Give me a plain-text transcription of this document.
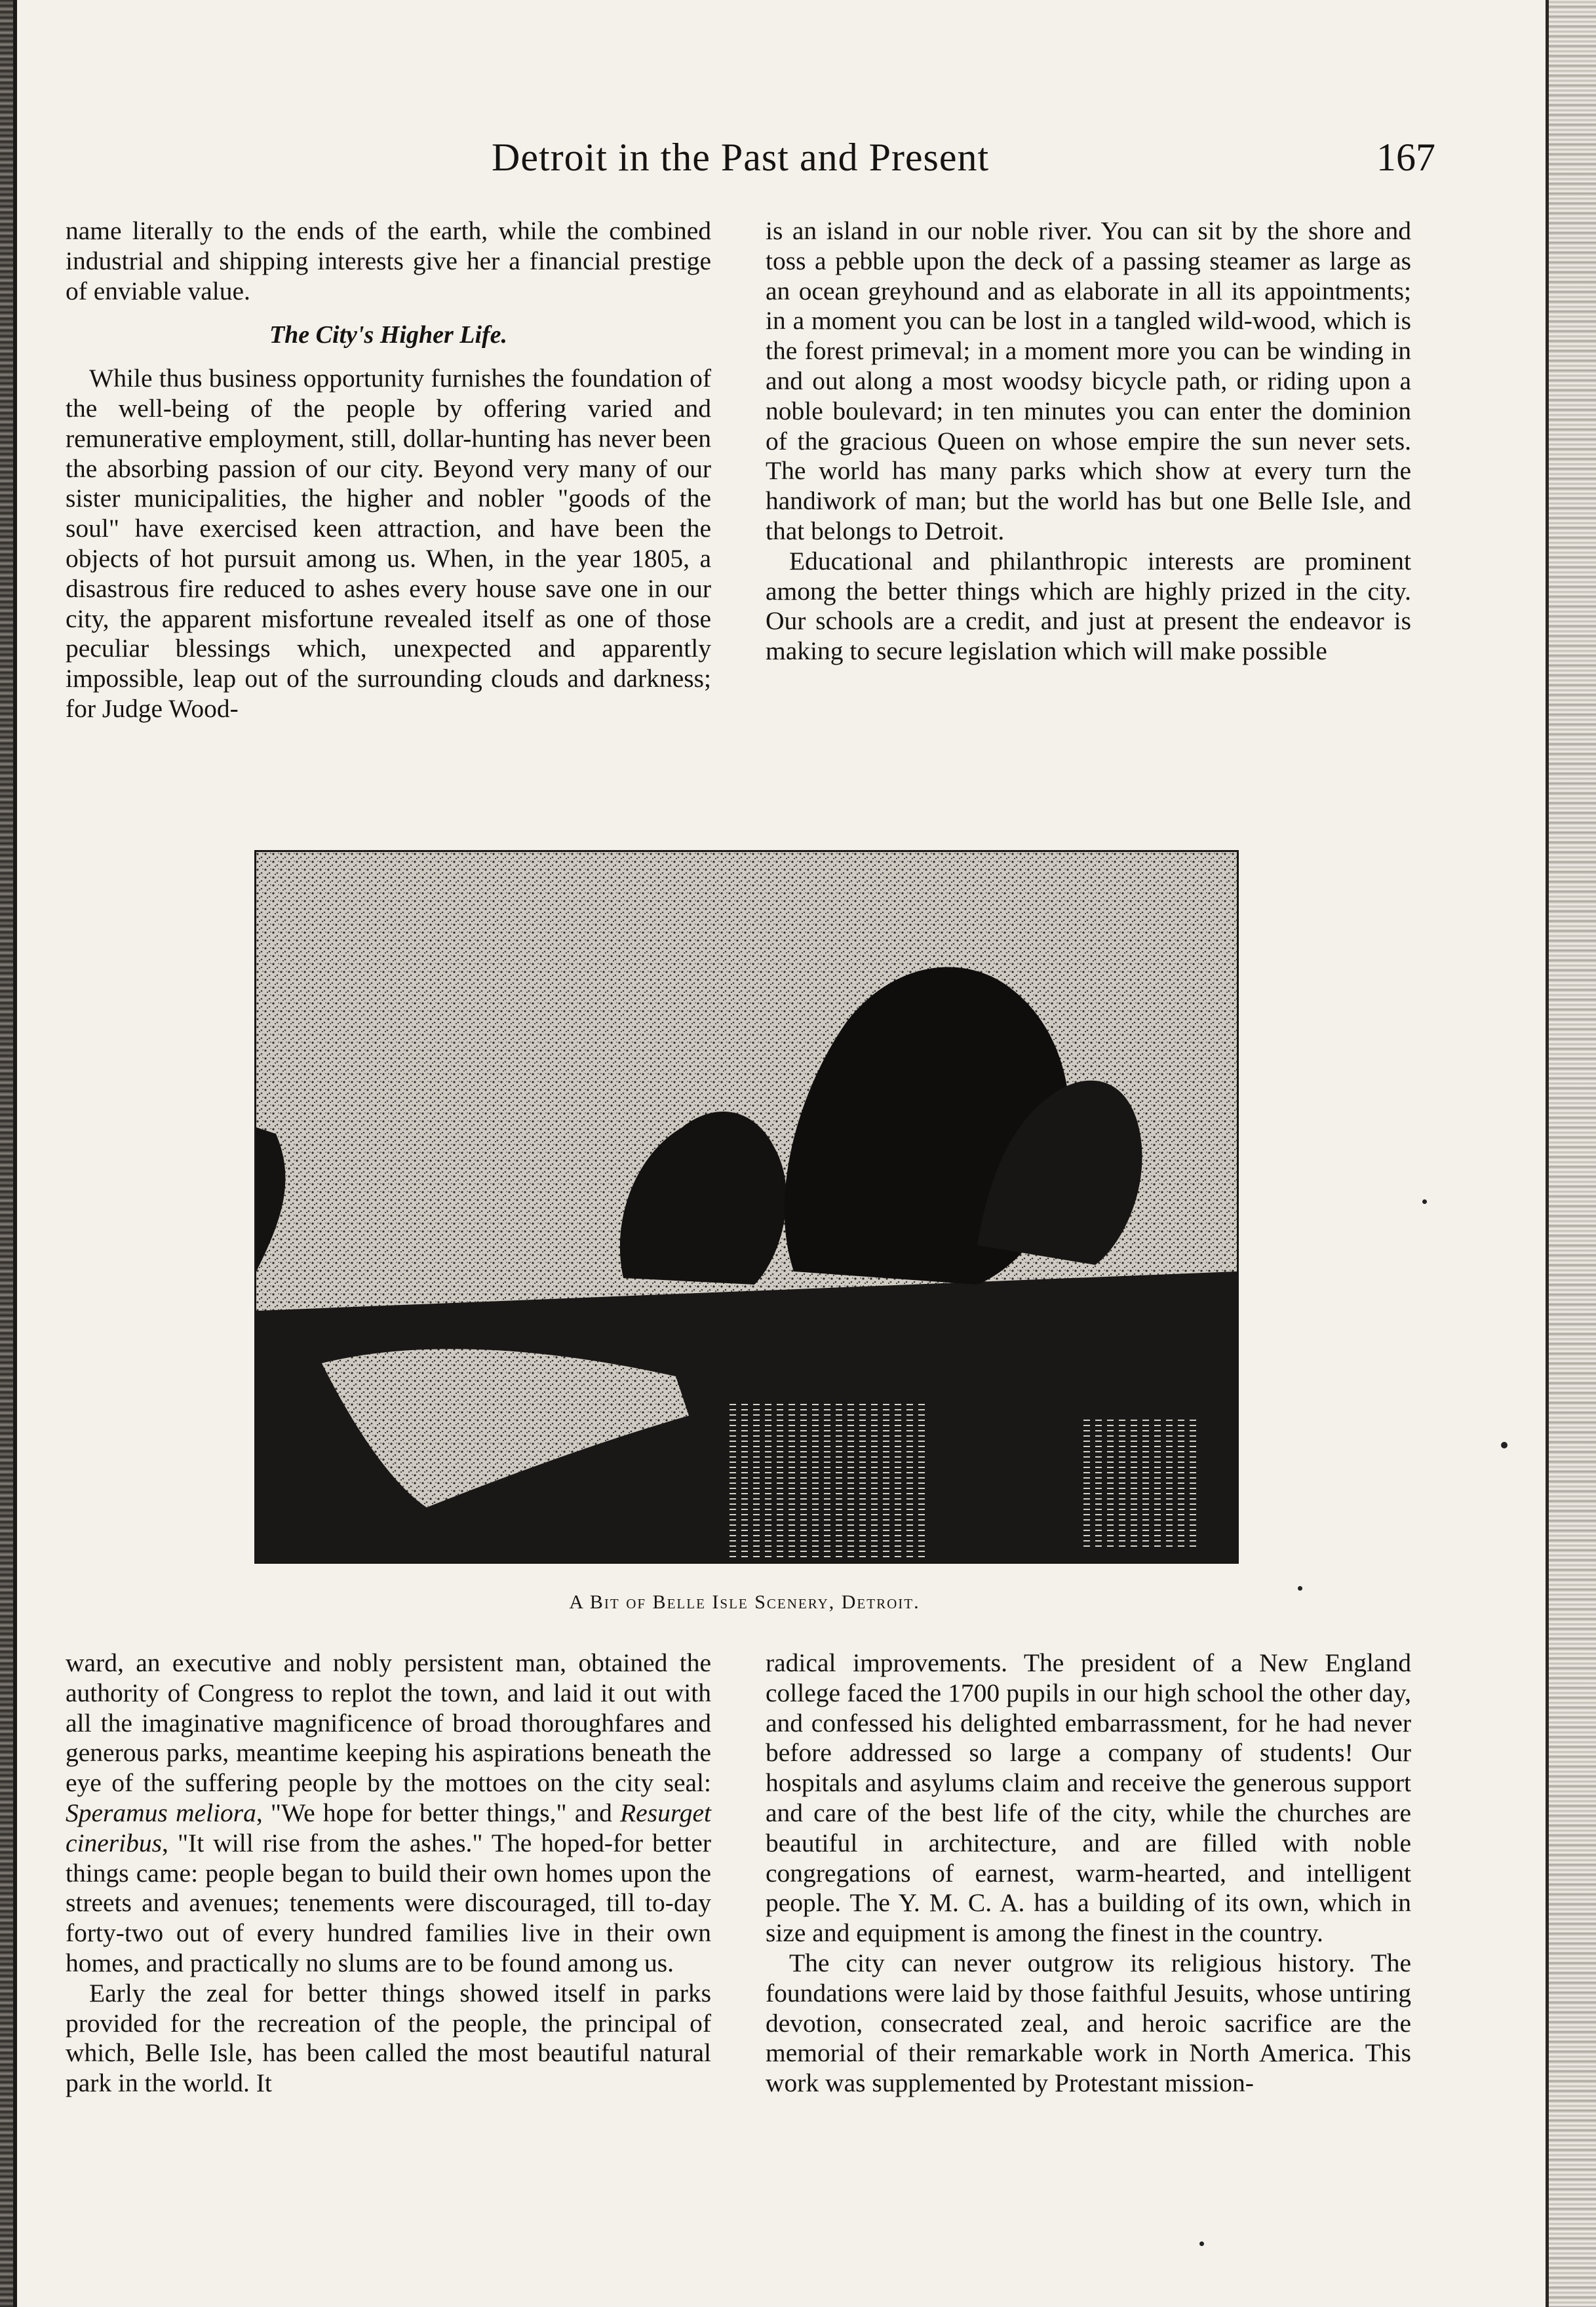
Detroit in the Past and Present	167

name literally to the ends of the earth, while the combined industrial and shipping interests give her a financial prestige of enviable value.

The City's Higher Life.

While thus business opportunity furnishes the foundation of the well-being of the people by offering varied and remunerative employment, still, dollar-hunting has never been the absorbing passion of our city. Beyond very many of our sister municipalities, the higher and nobler "goods of the soul" have exercised keen attraction, and have been the objects of hot pursuit among us. When, in the year 1805, a disastrous fire reduced to ashes every house save one in our city, the apparent misfortune revealed itself as one of those peculiar blessings which, unexpected and apparently impossible, leap out of the surrounding clouds and darkness; for Judge Wood-

is an island in our noble river. You can sit by the shore and toss a pebble upon the deck of a passing steamer as large as an ocean greyhound and as elaborate in all its appointments; in a moment you can be lost in a tangled wild-wood, which is the forest primeval; in a moment more you can be winding in and out along a most woodsy bicycle path, or riding upon a noble boulevard; in ten minutes you can enter the dominion of the gracious Queen on whose empire the sun never sets. The world has many parks which show at every turn the handiwork of man; but the world has but one Belle Isle, and that belongs to Detroit.

Educational and philanthropic interests are prominent among the better things which are highly prized in the city. Our schools are a credit, and just at present the endeavor is making to secure legislation which will make possible

A Bit of Belle Isle Scenery, Detroit.

ward, an executive and nobly persistent man, obtained the authority of Congress to replot the town, and laid it out with all the imaginative magnificence of broad thoroughfares and generous parks, meantime keeping his aspirations beneath the eye of the suffering people by the mottoes on the city seal: Speramus meliora, "We hope for better things," and Resurget cineribus, "It will rise from the ashes." The hoped-for better things came: people began to build their own homes upon the streets and avenues; tenements were discouraged, till to-day forty-two out of every hundred families live in their own homes, and practically no slums are to be found among us.

Early the zeal for better things showed itself in parks provided for the recreation of the people, the principal of which, Belle Isle, has been called the most beautiful natural park in the world. It

radical improvements. The president of a New England college faced the 1700 pupils in our high school the other day, and confessed his delighted embarrassment, for he had never before addressed so large a company of students! Our hospitals and asylums claim and receive the generous support and care of the best life of the city, while the churches are beautiful in architecture, and are filled with noble congregations of earnest, warm-hearted, and intelligent people. The Y. M. C. A. has a building of its own, which in size and equipment is among the finest in the country.

The city can never outgrow its religious history. The foundations were laid by those faithful Jesuits, whose untiring devotion, consecrated zeal, and heroic sacrifice are the memorial of their remarkable work in North America. This work was supplemented by Protestant mission-
